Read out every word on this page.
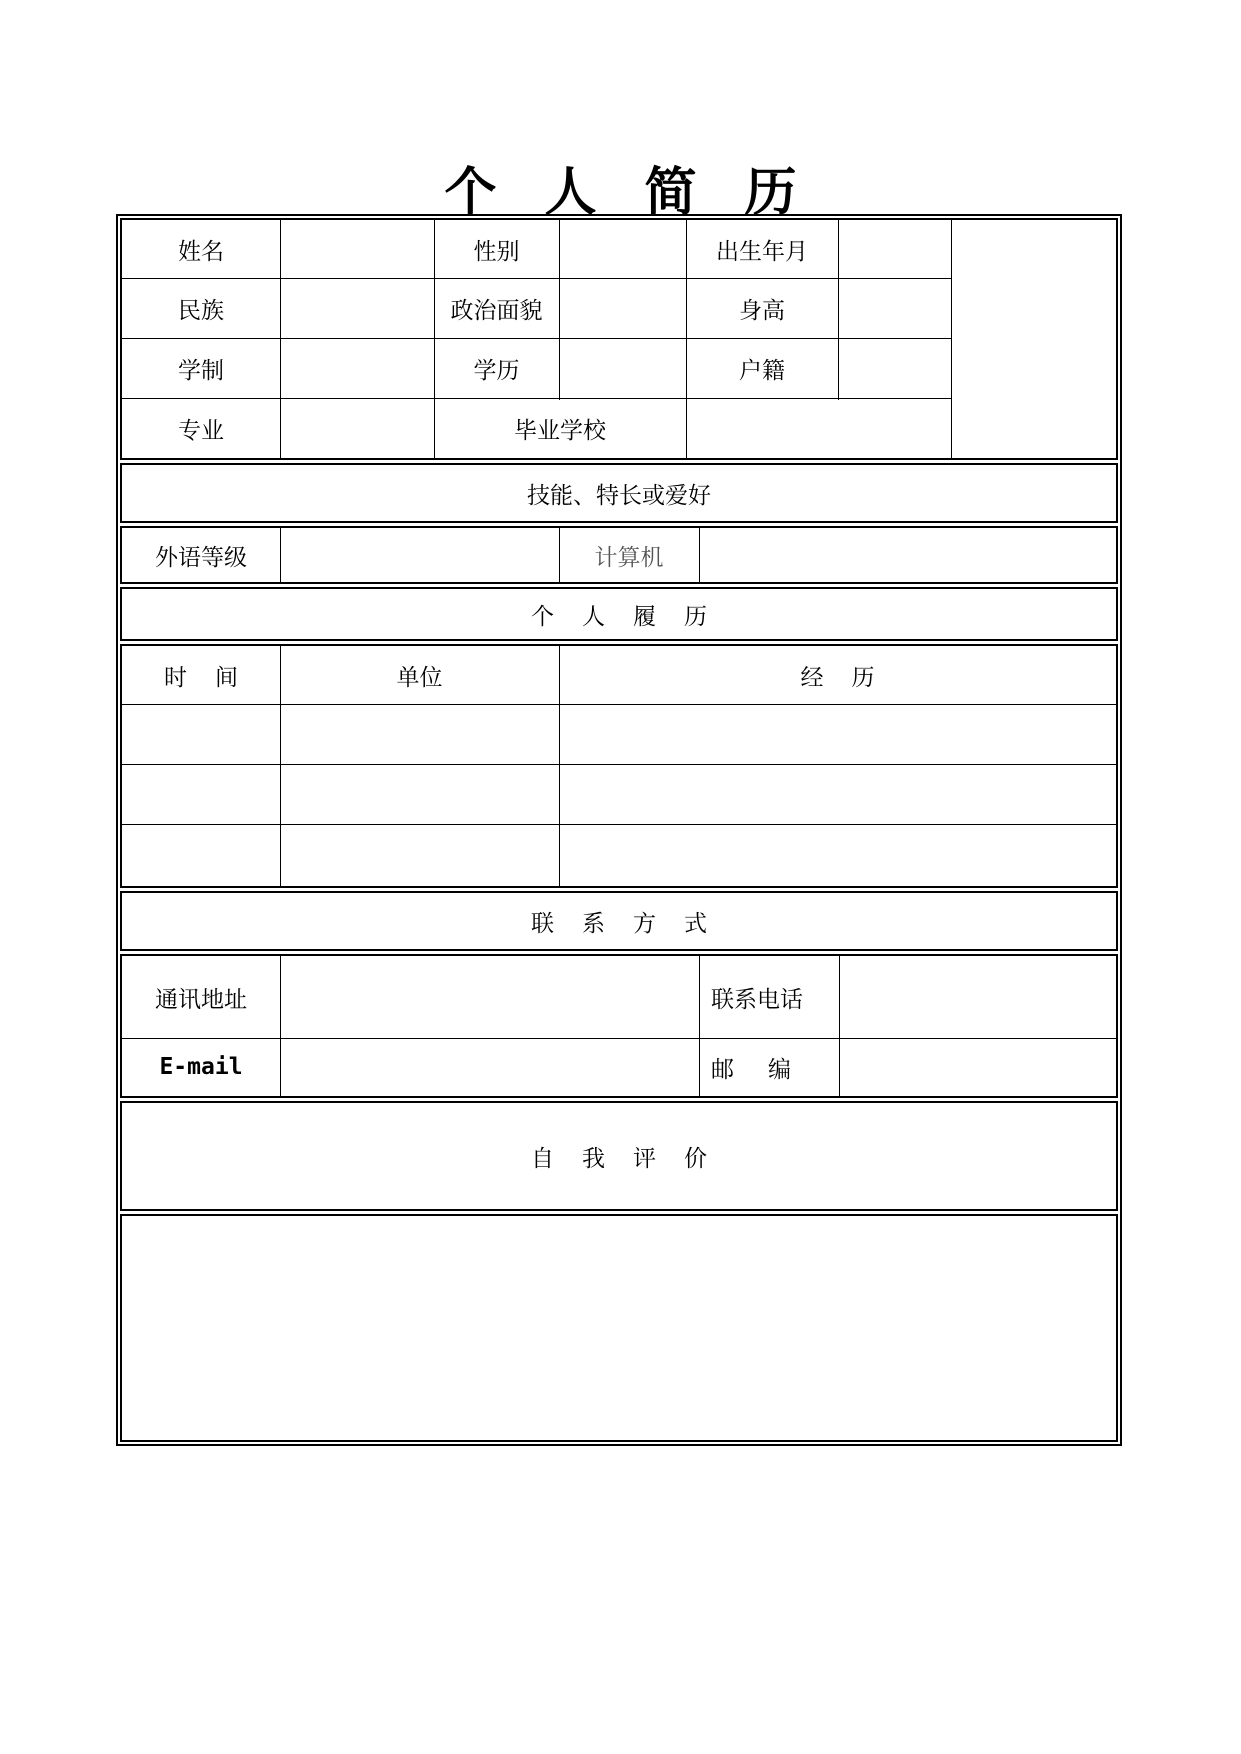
个 人 简 历
姓名	性别	出生年月
民族	政治面貌	身高
学制	学历	户籍
专业	毕业学校
技能、特长或爱好
外语等级	计算机
个 人 履 历
时 间	单位	经 历
联 系 方 式
通讯地址	联系电话
E-mail	邮 编
自 我 评 价
